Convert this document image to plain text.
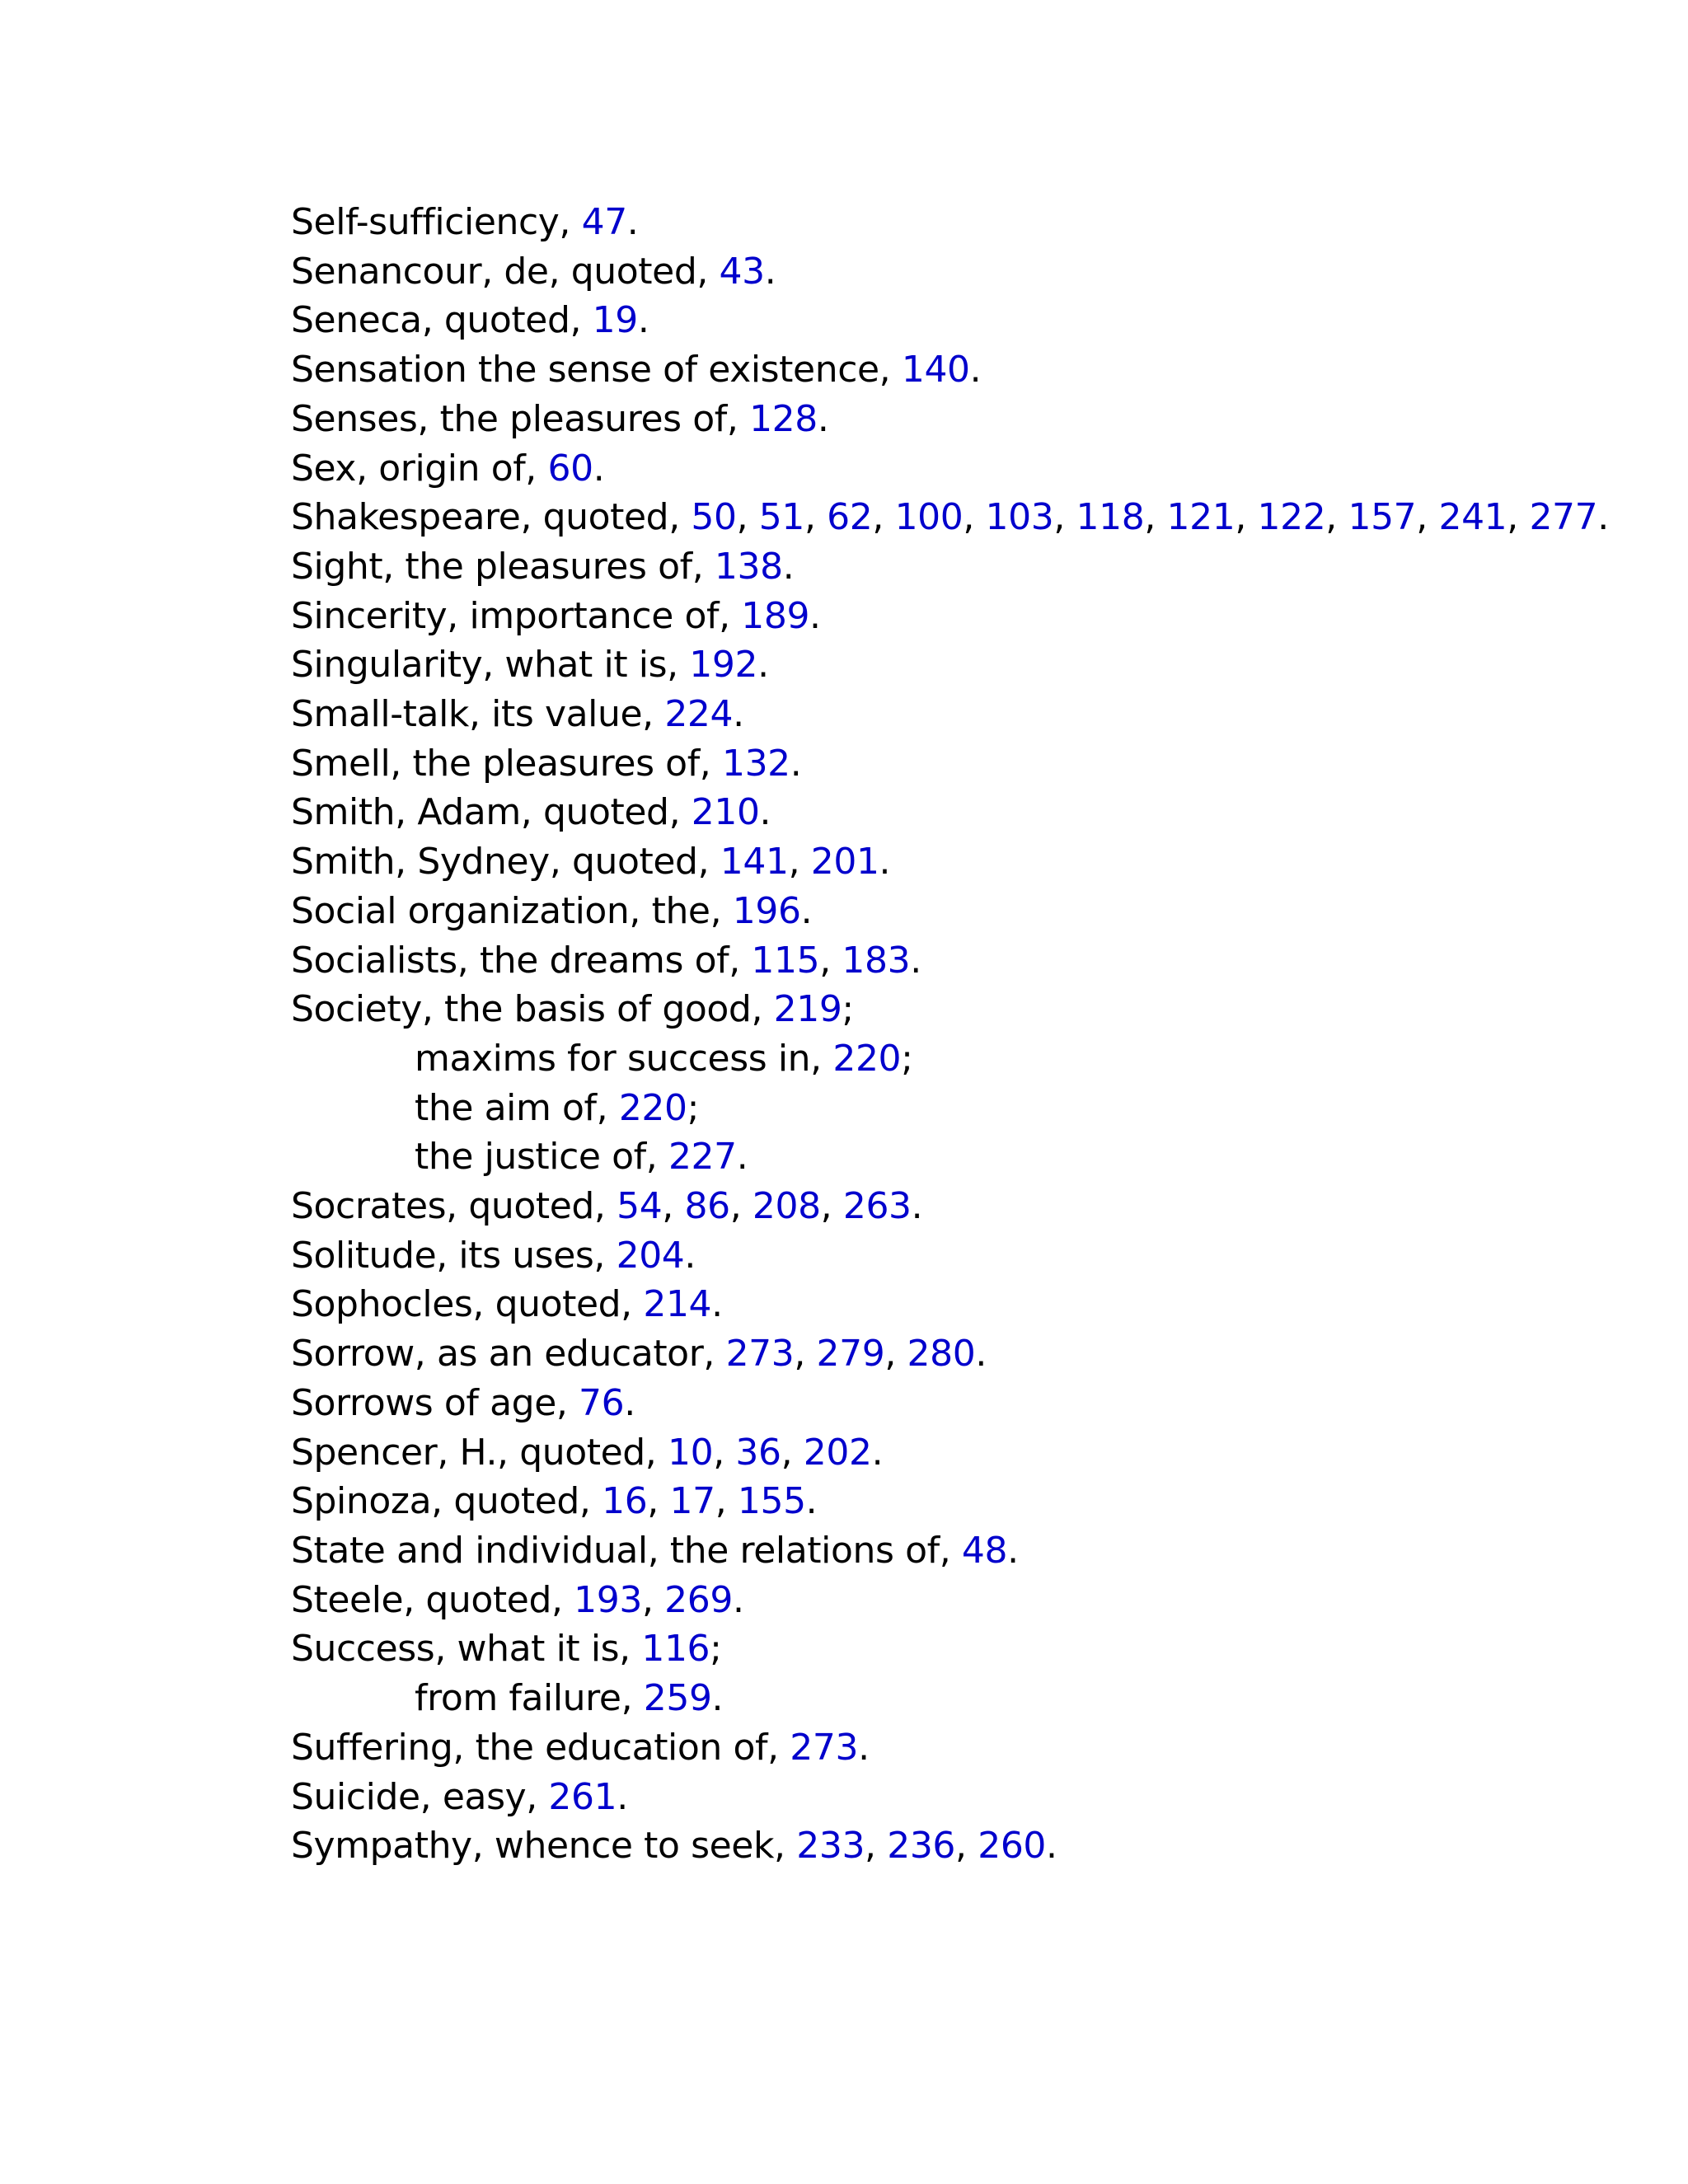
Self-sufficiency, 47.
Senancour, de, quoted, 43.
Seneca, quoted, 19.
Sensation the sense of existence, 140.
Senses, the pleasures of, 128.
Sex, origin of, 60.
Shakespeare, quoted, 50, 51, 62, 100, 103, 118, 121, 122, 157, 241, 277.
Sight, the pleasures of, 138.
Sincerity, importance of, 189.
Singularity, what it is, 192.
Small-talk, its value, 224.
Smell, the pleasures of, 132.
Smith, Adam, quoted, 210.
Smith, Sydney, quoted, 141, 201.
Social organization, the, 196.
Socialists, the dreams of, 115, 183.
Society, the basis of good, 219;
maxims for success in, 220;
the aim of, 220;
the justice of, 227.
Socrates, quoted, 54, 86, 208, 263.
Solitude, its uses, 204.
Sophocles, quoted, 214.
Sorrow, as an educator, 273, 279, 280.
Sorrows of age, 76.
Spencer, H., quoted, 10, 36, 202.
Spinoza, quoted, 16, 17, 155.
State and individual, the relations of, 48.
Steele, quoted, 193, 269.
Success, what it is, 116;
from failure, 259.
Suffering, the education of, 273.
Suicide, easy, 261.
Sympathy, whence to seek, 233, 236, 260.
